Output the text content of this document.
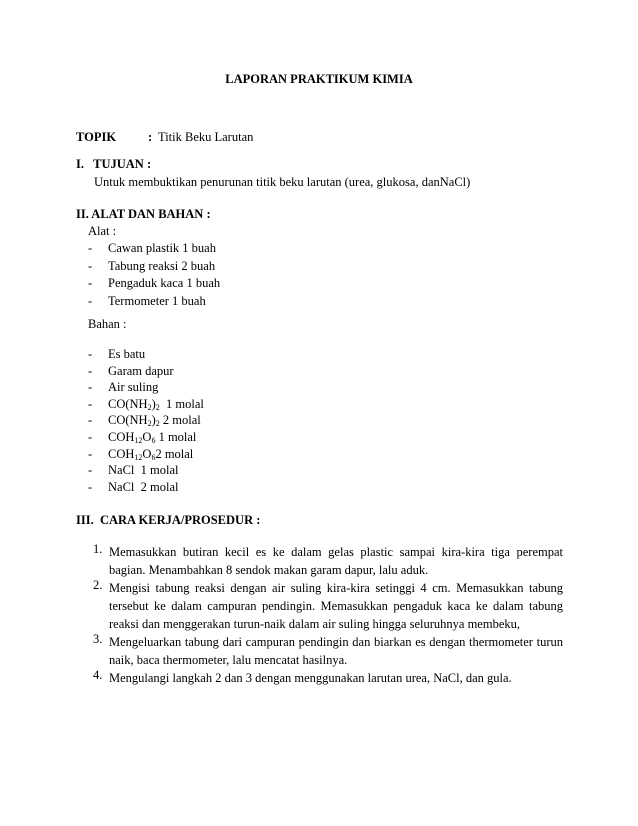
LAPORAN PRAKTIKUM KIMIA
TOPIK	: Titik Beku Larutan
I.   TUJUAN :
Untuk membuktikan penurunan titik beku larutan (urea, glukosa, danNaCl)
II. ALAT DAN BAHAN :
Alat :
-	Cawan plastik 1 buah
-	Tabung reaksi 2 buah
-	Pengaduk kaca 1 buah
-	Termometer 1 buah
Bahan :
-	Es batu
-	Garam dapur
-	Air suling
-	$CO(NH_2)_2$  1 molal
-	$CO(NH_2)_2$ 2 molal
-	$COH_{12}O_6$ 1 molal
-	$COH_{12}O_62$ molal
-	NaCl  1 molal
-	NaCl  2 molal
III.  CARA KERJA/PROSEDUR :
1. Memasukkan butiran kecil es ke dalam gelas plastic sampai kira-kira tiga perempat bagian. Menambahkan 8 sendok makan garam dapur, lalu aduk.
2. Mengisi tabung reaksi dengan air suling kira-kira setinggi 4 cm. Memasukkan tabung tersebut ke dalam campuran pendingin. Memasukkan pengaduk kaca ke dalam tabung reaksi dan menggerakan turun-naik dalam air suling hingga seluruhnya membeku,
3. Mengeluarkan tabung dari campuran pendingin dan biarkan es dengan thermometer turun naik, baca thermometer, lalu mencatat hasilnya.
4. Mengulangi langkah 2 dan 3 dengan menggunakan larutan urea, NaCl, dan gula.
